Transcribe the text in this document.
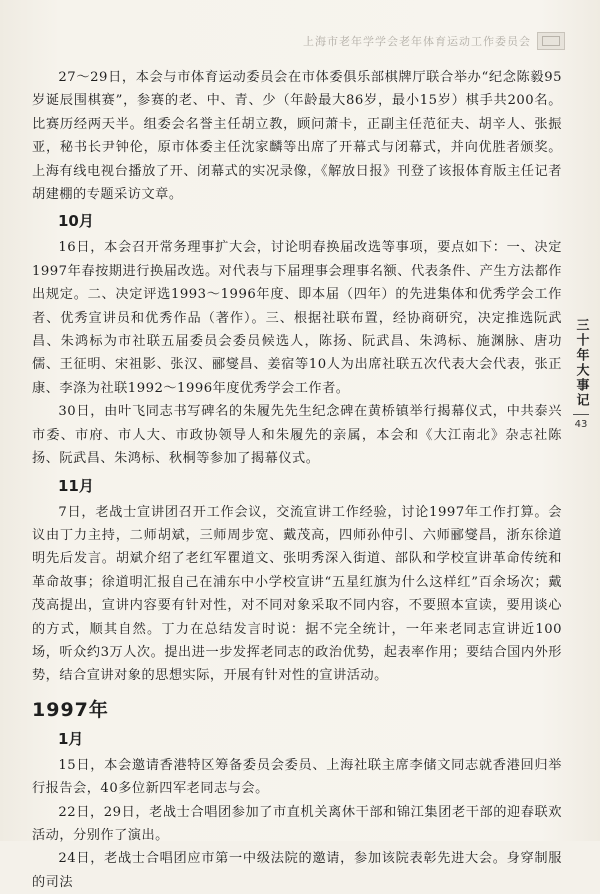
上海市老年学学会老年体育运动工作委员会

27～29日，本会与市体育运动委员会在市体委俱乐部棋牌厅联合举办“纪念陈毅95岁诞辰围棋赛”，参赛的老、中、青、少（年龄最大86岁，最小15岁）棋手共200名。比赛历经两天半。组委会名誉主任胡立教，顾问萧卡，正副主任范征夫、胡辛人、张振亚，秘书长尹钟伦，原市体委主任沈家麟等出席了开幕式与闭幕式，并向优胜者颁奖。上海有线电视台播放了开、闭幕式的实况录像，《解放日报》刊登了该报体育版主任记者胡建棚的专题采访文章。

10月

16日，本会召开常务理事扩大会，讨论明春换届改选等事项，要点如下：一、决定1997年春按期进行换届改选。对代表与下届理事会理事名额、代表条件、产生方法都作出规定。二、决定评选1993～1996年度、即本届（四年）的先进集体和优秀学会工作者、优秀宣讲员和优秀作品（著作）。三、根据社联布置，经协商研究，决定推选阮武昌、朱鸿标为市社联五届委员会委员候选人，陈扬、阮武昌、朱鸿标、施渊脉、唐功儒、王征明、宋祖影、张汉、郦燮昌、姜宿等10人为出席社联五次代表大会代表，张正康、李涤为社联1992～1996年度优秀学会工作者。

30日，由叶飞同志书写碑名的朱履先先生纪念碑在黄桥镇举行揭幕仪式，中共泰兴市委、市府、市人大、市政协领导人和朱履先的亲属，本会和《大江南北》杂志社陈扬、阮武昌、朱鸿标、秋桐等参加了揭幕仪式。

11月

7日，老战士宣讲团召开工作会议，交流宣讲工作经验，讨论1997年工作打算。会议由丁力主持，二师胡斌，三师周步宽、戴茂高，四师孙仲引、六师郦燮昌，浙东徐道明先后发言。胡斌介绍了老红军瞿道文、张明秀深入街道、部队和学校宣讲革命传统和革命故事；徐道明汇报自己在浦东中小学校宣讲“五星红旗为什么这样红”百余场次；戴茂高提出，宣讲内容要有针对性，对不同对象采取不同内容，不要照本宣读，要用谈心的方式，顺其自然。丁力在总结发言时说：据不完全统计，一年来老同志宣讲近100场，听众约3万人次。提出进一步发挥老同志的政治优势，起表率作用；要结合国内外形势，结合宣讲对象的思想实际，开展有针对性的宣讲活动。

1997年
1月

15日，本会邀请香港特区筹备委员会委员、上海社联主席李储文同志就香港回归举行报告会，40多位新四军老同志与会。

22日，29日，老战士合唱团参加了市直机关离休干部和锦江集团老干部的迎春联欢活动，分别作了演出。

24日，老战士合唱团应市第一中级法院的邀请，参加该院表彰先进大会。身穿制服的司法

三十年大事记
43
